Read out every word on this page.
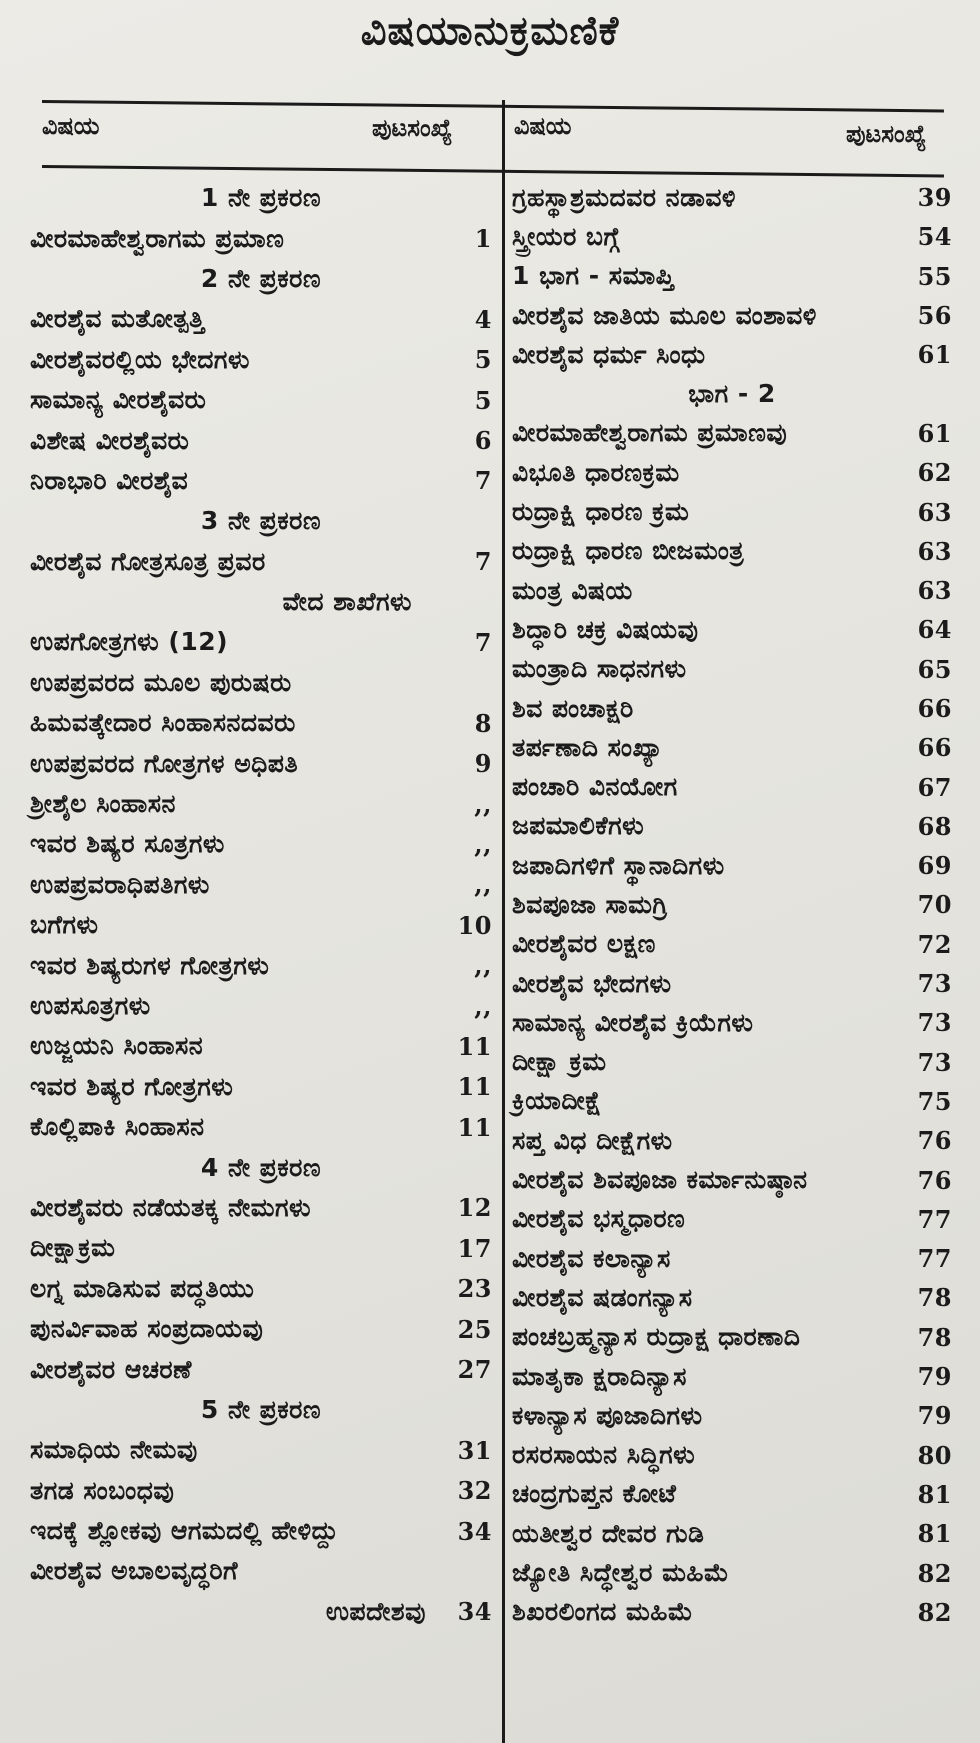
ವಿಷಯಾನುಕ್ರಮಣಿಕೆ
ವಿಷಯ	ಪುಟಸಂಖ್ಯೆ	ವಿಷಯ	ಪುಟಸಂಖ್ಯೆ
1 ನೇ ಪ್ರಕರಣ
ವೀರಮಾಹೇಶ್ವರಾಗಮ ಪ್ರಮಾಣ	1
2 ನೇ ಪ್ರಕರಣ
ವೀರಶೈವ ಮತೋತ್ಪತ್ತಿ	4
ವೀರಶೈವರಲ್ಲಿಯ ಭೇದಗಳು	5
ಸಾಮಾನ್ಯ ವೀರಶೈವರು	5
ವಿಶೇಷ ವೀರಶೈವರು	6
ನಿರಾಭಾರಿ ವೀರಶೈವ	7
3 ನೇ ಪ್ರಕರಣ
ವೀರಶೈವ ಗೋತ್ರಸೂತ್ರ ಪ್ರವರ	7
ವೇದ ಶಾಖೆಗಳು
ಉಪಗೋತ್ರಗಳು (12)	7
ಉಪಪ್ರವರದ ಮೂಲ ಪುರುಷರು
ಹಿಮವತ್ಕೇದಾರ ಸಿಂಹಾಸನದವರು	8
ಉಪಪ್ರವರದ ಗೋತ್ರಗಳ ಅಧಿಪತಿ	9
ಶ್ರೀಶೈಲ ಸಿಂಹಾಸನ	,,
ಇವರ ಶಿಷ್ಯರ ಸೂತ್ರಗಳು	,,
ಉಪಪ್ರವರಾಧಿಪತಿಗಳು	,,
ಬಗೆಗಳು	10
ಇವರ ಶಿಷ್ಯರುಗಳ ಗೋತ್ರಗಳು	,,
ಉಪಸೂತ್ರಗಳು	,,
ಉಜ್ಜಯನಿ ಸಿಂಹಾಸನ	11
ಇವರ ಶಿಷ್ಯರ ಗೋತ್ರಗಳು	11
ಕೊಲ್ಲಿಪಾಕಿ ಸಿಂಹಾಸನ	11
4 ನೇ ಪ್ರಕರಣ
ವೀರಶೈವರು ನಡೆಯತಕ್ಕ ನೇಮಗಳು	12
ದೀಕ್ಷಾಕ್ರಮ	17
ಲಗ್ನ ಮಾಡಿಸುವ ಪದ್ಧತಿಯು	23
ಪುನರ್ವಿವಾಹ ಸಂಪ್ರದಾಯವು	25
ವೀರಶೈವರ ಆಚರಣೆ	27
5 ನೇ ಪ್ರಕರಣ
ಸಮಾಧಿಯ ನೇಮವು	31
ತಗಡ ಸಂಬಂಧವು	32
ಇದಕ್ಕೆ ಶ್ಲೋಕವು ಆಗಮದಲ್ಲಿ ಹೇಳಿದ್ದು	34
ವೀರಶೈವ ಅಬಾಲವೃದ್ಧರಿಗೆ
ಉಪದೇಶವು 34
ಗ್ರಹಸ್ಥಾಶ್ರಮದವರ ನಡಾವಳಿ	39
ಸ್ತ್ರೀಯರ ಬಗ್ಗೆ	54
1 ಭಾಗ - ಸಮಾಪ್ತಿ	55
ವೀರಶೈವ ಜಾತಿಯ ಮೂಲ ವಂಶಾವಳಿ	56
ವೀರಶೈವ ಧರ್ಮ ಸಿಂಧು	61
ಭಾಗ - 2
ವೀರಮಾಹೇಶ್ವರಾಗಮ ಪ್ರಮಾಣವು	61
ವಿಭೂತಿ ಧಾರಣಕ್ರಮ	62
ರುದ್ರಾಕ್ಷಿ ಧಾರಣ ಕ್ರಮ	63
ರುದ್ರಾಕ್ಷಿ ಧಾರಣ ಬೀಜಮಂತ್ರ	63
ಮಂತ್ರ ವಿಷಯ	63
ಶಿದ್ಧಾರಿ ಚಕ್ರ ವಿಷಯವು	64
ಮಂತ್ರಾದಿ ಸಾಧನಗಳು	65
ಶಿವ ಪಂಚಾಕ್ಷರಿ	66
ತರ್ಪಣಾದಿ ಸಂಖ್ಯಾ	66
ಪಂಚಾರಿ ವಿನಯೋಗ	67
ಜಪಮಾಲಿಕೆಗಳು	68
ಜಪಾದಿಗಳಿಗೆ ಸ್ಥಾನಾದಿಗಳು	69
ಶಿವಪೂಜಾ ಸಾಮಗ್ರಿ	70
ವೀರಶೈವರ ಲಕ್ಷಣ	72
ವೀರಶೈವ ಭೇದಗಳು	73
ಸಾಮಾನ್ಯ ವೀರಶೈವ ಕ್ರಿಯೆಗಳು	73
ದೀಕ್ಷಾ ಕ್ರಮ	73
ಕ್ರಿಯಾದೀಕ್ಷೆ	75
ಸಪ್ತ ವಿಧ ದೀಕ್ಷೆಗಳು	76
ವೀರಶೈವ ಶಿವಪೂಜಾ ಕರ್ಮಾನುಷ್ಠಾನ	76
ವೀರಶೈವ ಭಸ್ಮಧಾರಣ	77
ವೀರಶೈವ ಕಲಾನ್ಯಾಸ	77
ವೀರಶೈವ ಷಡಂಗನ್ಯಾಸ	78
ಪಂಚಬ್ರಹ್ಮನ್ಯಾಸ ರುದ್ರಾಕ್ಷ ಧಾರಣಾದಿ	78
ಮಾತೃಕಾ ಕ್ಷರಾದಿನ್ಯಾಸ	79
ಕಳಾನ್ಯಾಸ ಪೂಜಾದಿಗಳು	79
ರಸರಸಾಯನ ಸಿದ್ಧಿಗಳು	80
ಚಂದ್ರಗುಪ್ತನ ಕೋಟೆ	81
ಯತೀಶ್ವರ ದೇವರ ಗುಡಿ	81
ಜ್ಯೋತಿ ಸಿದ್ಧೇಶ್ವರ ಮಹಿಮೆ	82
ಶಿಖರಲಿಂಗದ ಮಹಿಮೆ	82
